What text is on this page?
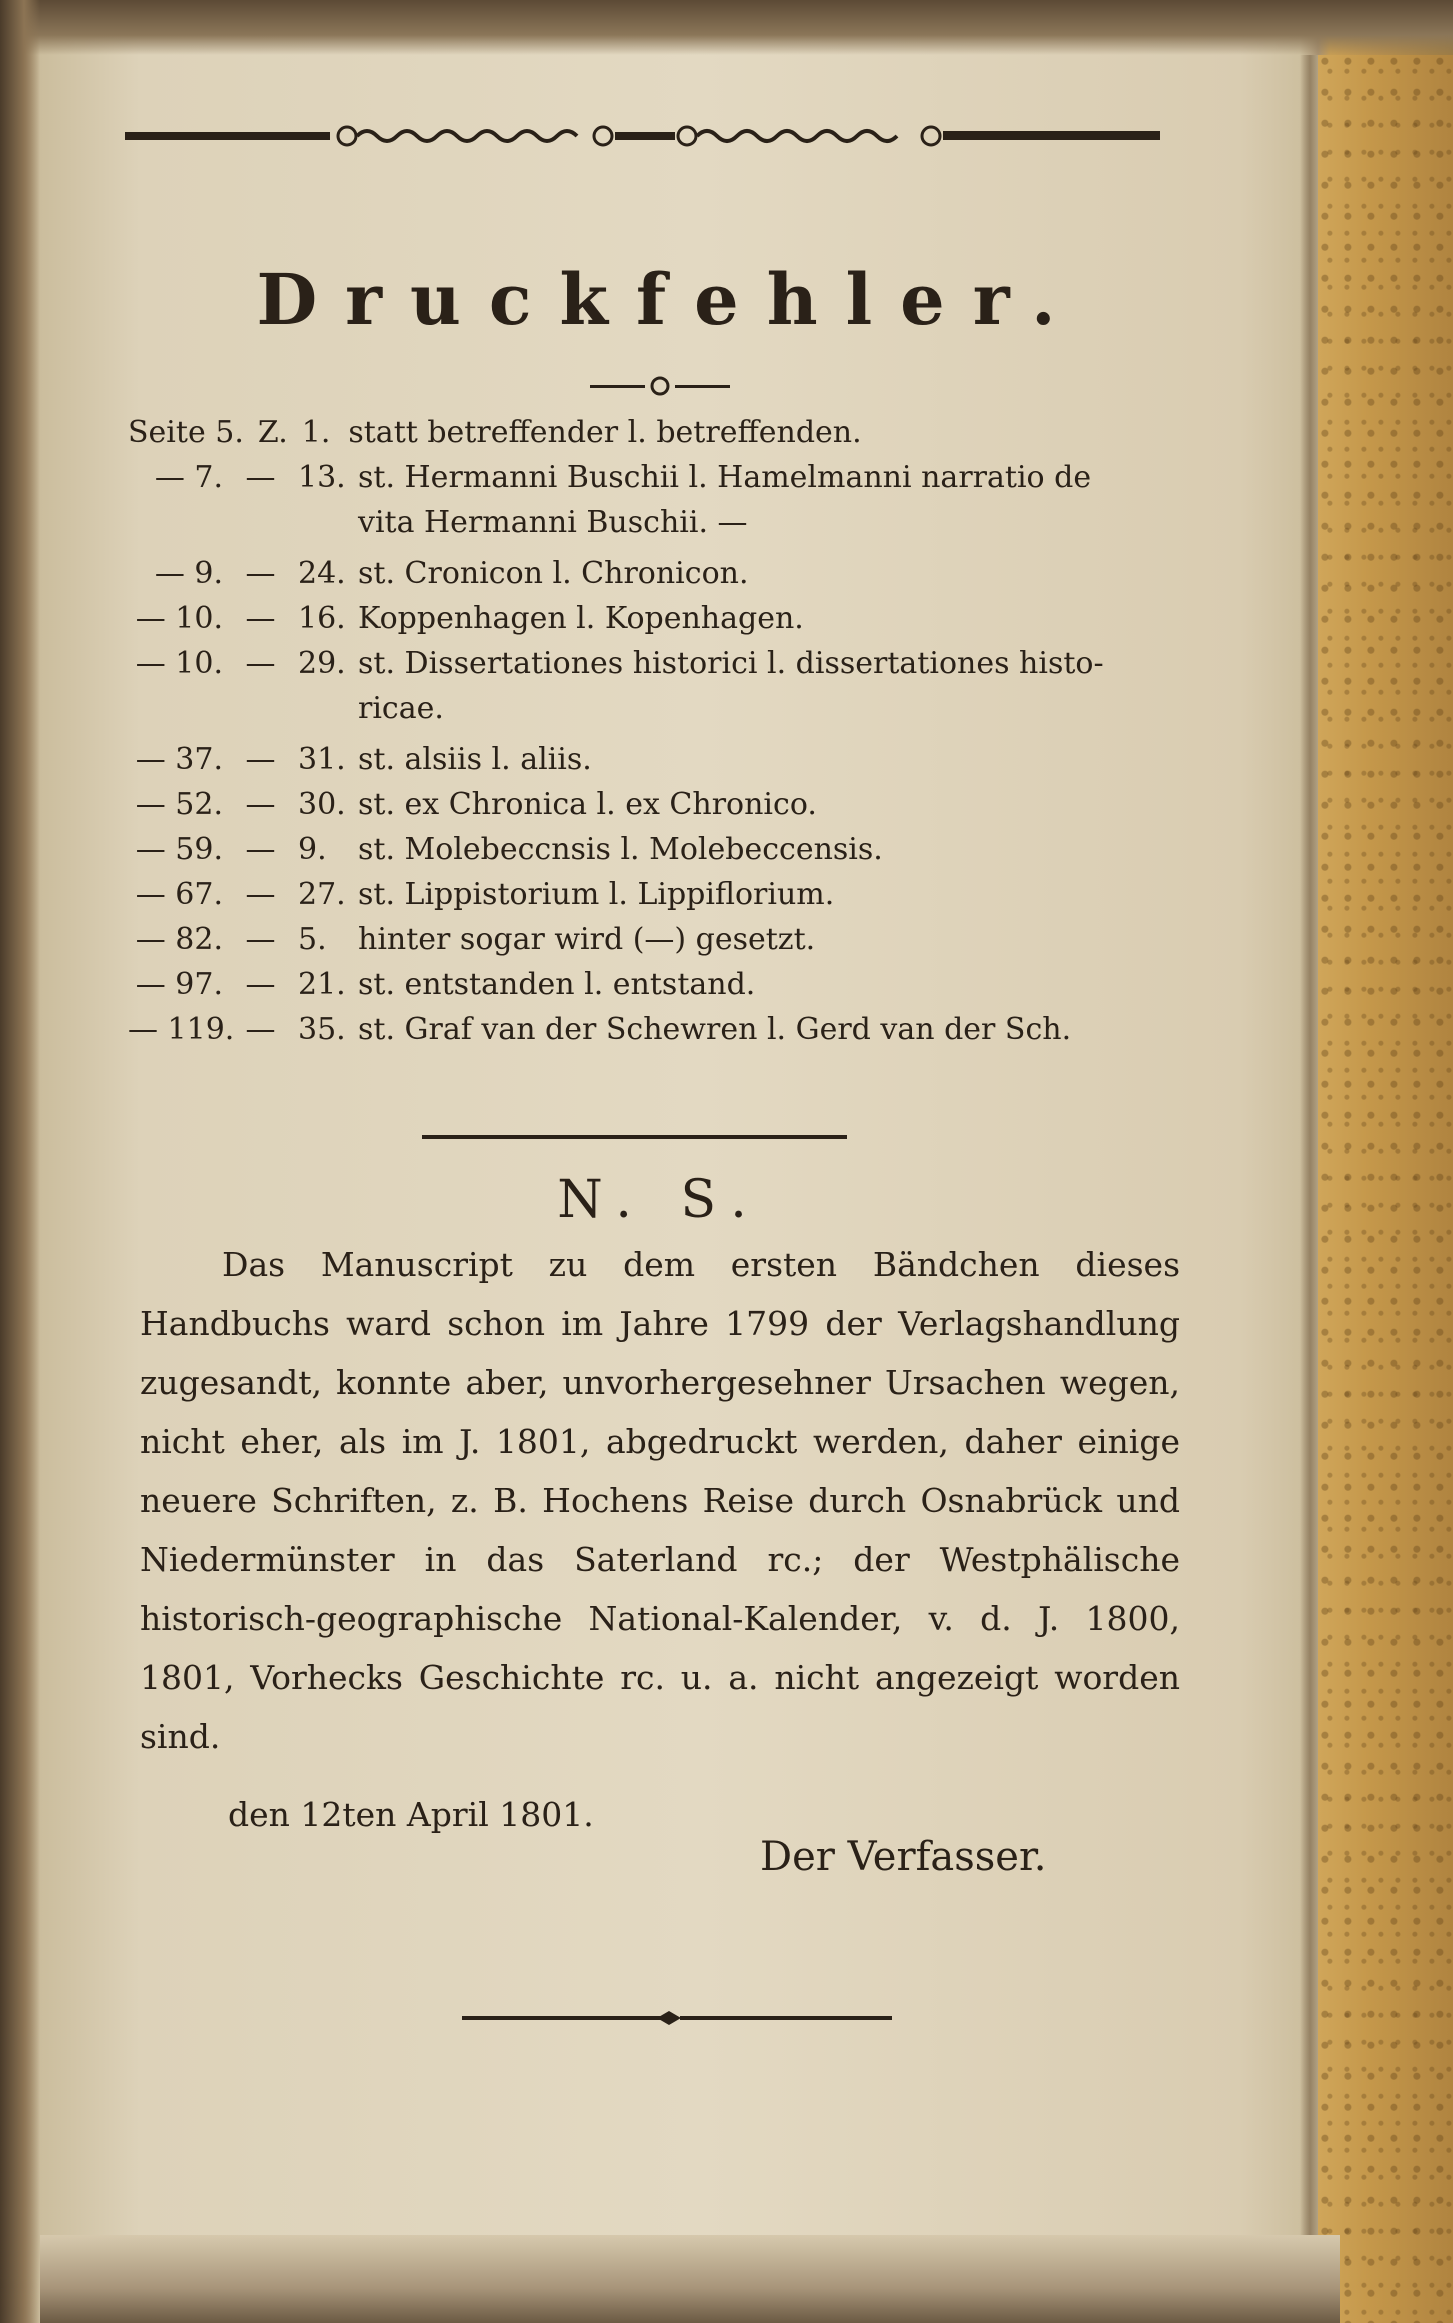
Druckfehler.
Seite 5. Z. 1. statt betreffender l. betreffenden.
— 7. — 13. st. Hermanni Buschii l. Hamelmanni narratio de
vita Hermanni Buschii. —
— 9. — 24. st. Cronicon l. Chronicon.
— 10. — 16. Koppenhagen l. Kopenhagen.
— 10. — 29. st. Dissertationes historici l. dissertationes histo-
ricae.
— 37. — 31. st. alsiis l. aliis.
— 52. — 30. st. ex Chronica l. ex Chronico.
— 59. — 9.	st. Molebeccnsis l. Molebeccensis.
— 67. — 27. st. Lippistorium l. Lippiflorium.
— 82. — 5.	hinter sogar wird (—) gesetzt.
— 97. — 21. st. entstanden l. entstand.
— 119. — 35. st. Graf van der Schewren l. Gerd van der Sch.
N. S.

Das Manuscript zu dem ersten Bändchen dieses Handbuchs ward schon im Jahre 1799 der Verlagshandlung zugesandt, konnte aber, unvorhergesehner Ursachen wegen, nicht eher, als im J. 1801, abgedruckt werden, daher einige neuere Schriften, z. B. Hochens Reise durch Osnabrück und Niedermünster in das Saterland rc.; der Westphälische historisch-geographische National-Kalender, v. d. J. 1800, 1801, Vorhecks Geschichte rc. u. a. nicht angezeigt worden sind.

den 12ten April 1801.
Der Verfasser.
